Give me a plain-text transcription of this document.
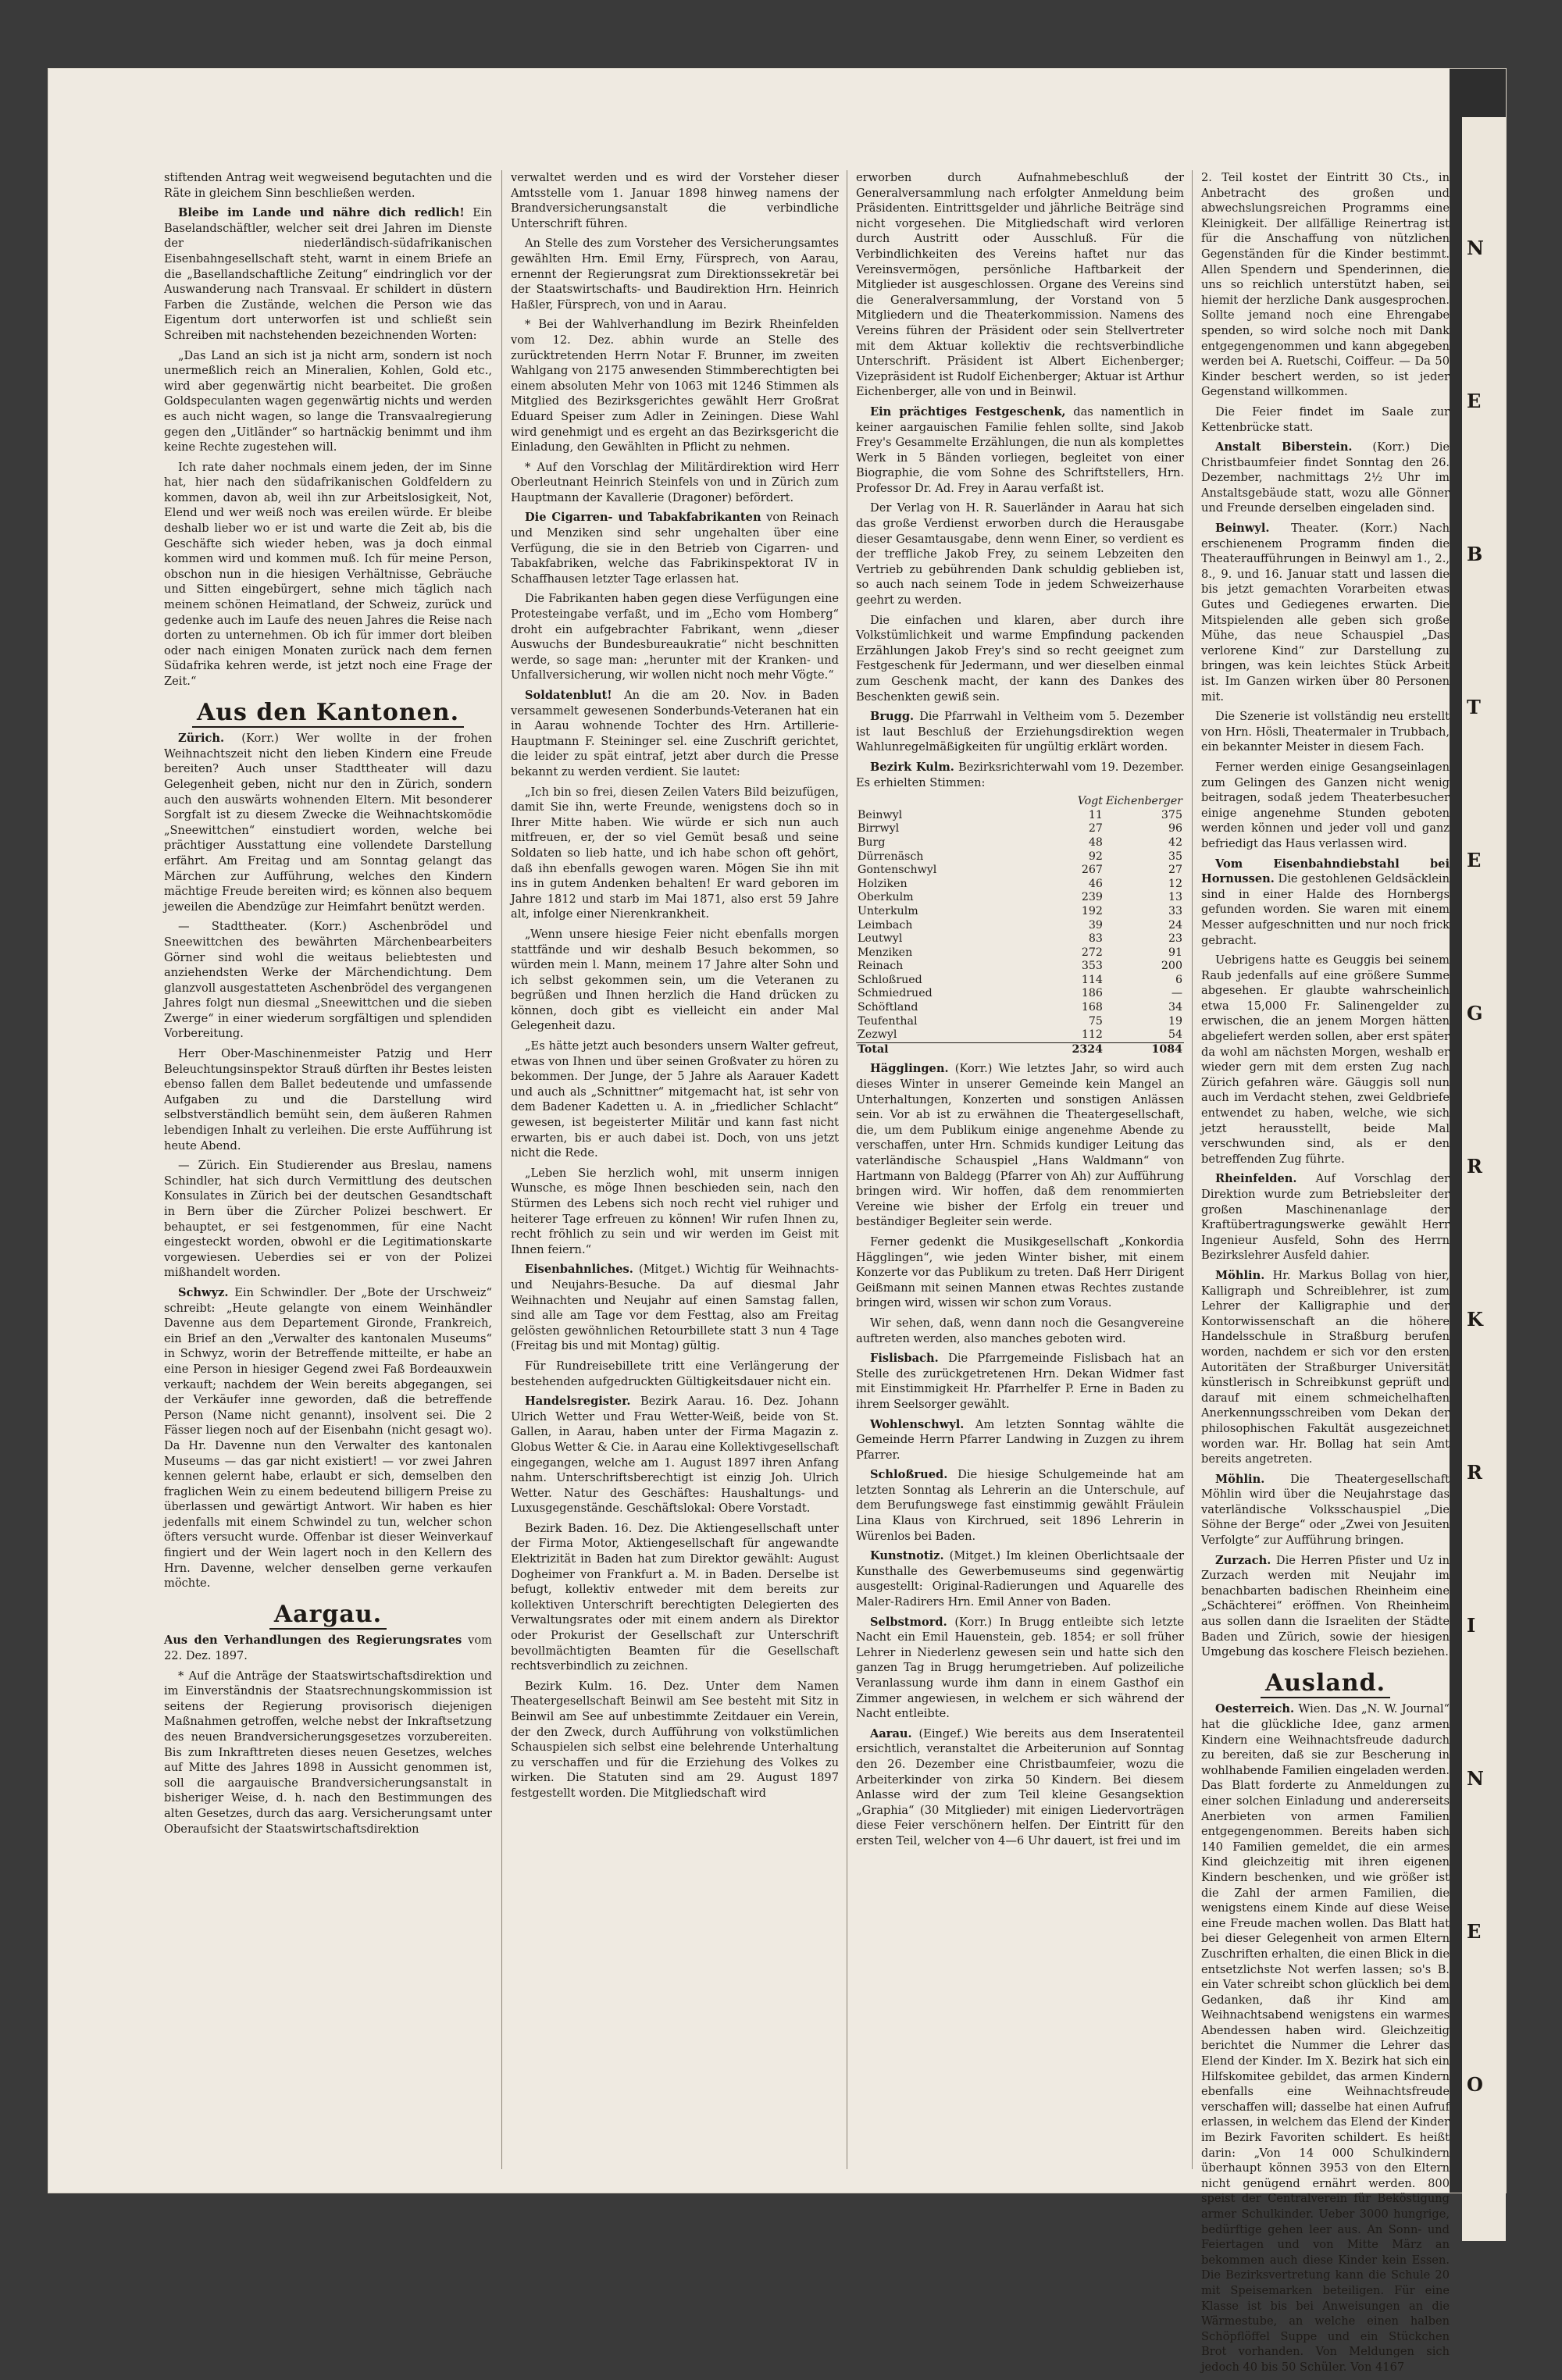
stiftenden Antrag weit wegweisend begutachten und die Räte in gleichem Sinn beschließen werden.

Bleibe im Lande und nähre dich redlich! Ein Baselandschäftler, welcher seit drei Jahren im Dienste der niederländisch-südafrikanischen Eisenbahngesellschaft steht, warnt in einem Briefe an die „Basellandschaftliche Zeitung“ eindringlich vor der Auswanderung nach Transvaal. Er schildert in düstern Farben die Zustände, welchen die Person wie das Eigentum dort unterworfen ist und schließt sein Schreiben mit nachstehenden bezeichnenden Worten:

„Das Land an sich ist ja nicht arm, sondern ist noch unermeßlich reich an Mineralien, Kohlen, Gold etc., wird aber gegenwärtig nicht bearbeitet. Die großen Goldspeculanten wagen gegenwärtig nichts und werden es auch nicht wagen, so lange die Transvaalregierung gegen den „Uitländer“ so hartnäckig benimmt und ihm keine Rechte zugestehen will.

Ich rate daher nochmals einem jeden, der im Sinne hat, hier nach den südafrikanischen Goldfeldern zu kommen, davon ab, weil ihn zur Arbeitslosigkeit, Not, Elend und wer weiß noch was ereilen würde. Er bleibe deshalb lieber wo er ist und warte die Zeit ab, bis die Geschäfte sich wieder heben, was ja doch einmal kommen wird und kommen muß. Ich für meine Person, obschon nun in die hiesigen Verhältnisse, Gebräuche und Sitten eingebürgert, sehne mich täglich nach meinem schönen Heimatland, der Schweiz, zurück und gedenke auch im Laufe des neuen Jahres die Reise nach dorten zu unternehmen. Ob ich für immer dort bleiben oder nach einigen Monaten zurück nach dem fernen Südafrika kehren werde, ist jetzt noch eine Frage der Zeit.“

Aus den Kantonen.

Zürich. (Korr.) Wer wollte in der frohen Weihnachtszeit nicht den lieben Kindern eine Freude bereiten? Auch unser Stadttheater will dazu Gelegenheit geben, nicht nur den in Zürich, sondern auch den auswärts wohnenden Eltern. Mit besonderer Sorgfalt ist zu diesem Zwecke die Weihnachtskomödie „Sneewittchen“ einstudiert worden, welche bei prächtiger Ausstattung eine vollendete Darstellung erfährt. Am Freitag und am Sonntag gelangt das Märchen zur Aufführung, welches den Kindern mächtige Freude bereiten wird; es können also bequem jeweilen die Abendzüge zur Heimfahrt benützt werden.

— Stadttheater. (Korr.) Aschenbrödel und Sneewittchen des bewährten Märchenbearbeiters Görner sind wohl die weitaus beliebtesten und anziehendsten Werke der Märchendichtung. Dem glanzvoll ausgestatteten Aschenbrödel des vergangenen Jahres folgt nun diesmal „Sneewittchen und die sieben Zwerge“ in einer wiederum sorgfältigen und splendiden Vorbereitung.

Herr Ober-Maschinenmeister Patzig und Herr Beleuchtungsinspektor Strauß dürften ihr Bestes leisten ebenso fallen dem Ballet bedeutende und umfassende Aufgaben zu und die Darstellung wird selbstverständlich bemüht sein, dem äußeren Rahmen lebendigen Inhalt zu verleihen. Die erste Aufführung ist heute Abend.

— Zürich. Ein Studierender aus Breslau, namens Schindler, hat sich durch Vermittlung des deutschen Konsulates in Zürich bei der deutschen Gesandtschaft in Bern über die Zürcher Polizei beschwert. Er behauptet, er sei festgenommen, für eine Nacht eingesteckt worden, obwohl er die Legitimationskarte vorgewiesen. Ueberdies sei er von der Polizei mißhandelt worden.

Schwyz. Ein Schwindler. Der „Bote der Urschweiz“ schreibt: „Heute gelangte von einem Weinhändler Davenne aus dem Departement Gironde, Frankreich, ein Brief an den „Verwalter des kantonalen Museums“ in Schwyz, worin der Betreffende mitteilte, er habe an eine Person in hiesiger Gegend zwei Faß Bordeauxwein verkauft; nachdem der Wein bereits abgegangen, sei der Verkäufer inne geworden, daß die betreffende Person (Name nicht genannt), insolvent sei. Die 2 Fässer liegen noch auf der Eisenbahn (nicht gesagt wo). Da Hr. Davenne nun den Verwalter des kantonalen Museums — das gar nicht existiert! — vor zwei Jahren kennen gelernt habe, erlaubt er sich, demselben den fraglichen Wein zu einem bedeutend billigern Preise zu überlassen und gewärtigt Antwort. Wir haben es hier jedenfalls mit einem Schwindel zu tun, welcher schon öfters versucht wurde. Offenbar ist dieser Weinverkauf fingiert und der Wein lagert noch in den Kellern des Hrn. Davenne, welcher denselben gerne verkaufen möchte.

Aargau.

Aus den Verhandlungen des Regierungsrates vom 22. Dez. 1897.

* Auf die Anträge der Staatswirtschaftsdirektion und im Einverständnis der Staatsrechnungskommission ist seitens der Regierung provisorisch diejenigen Maßnahmen getroffen, welche nebst der Inkraftsetzung des neuen Brandversicherungsgesetzes vorzubereiten. Bis zum Inkrafttreten dieses neuen Gesetzes, welches auf Mitte des Jahres 1898 in Aussicht genommen ist, soll die aargauische Brandversicherungsanstalt in bisheriger Weise, d. h. nach den Bestimmungen des alten Gesetzes, durch das aarg. Versicherungsamt unter Oberaufsicht der Staatswirtschaftsdirektion

verwaltet werden und es wird der Vorsteher dieser Amtsstelle vom 1. Januar 1898 hinweg namens der Brandversicherungsanstalt die verbindliche Unterschrift führen.

An Stelle des zum Vorsteher des Versicherungsamtes gewählten Hrn. Emil Erny, Fürsprech, von Aarau, ernennt der Regierungsrat zum Direktionssekretär bei der Staatswirtschafts- und Baudirektion Hrn. Heinrich Haßler, Fürsprech, von und in Aarau.

* Bei der Wahlverhandlung im Bezirk Rheinfelden vom 12. Dez. abhin wurde an Stelle des zurücktretenden Herrn Notar F. Brunner, im zweiten Wahlgang von 2175 anwesenden Stimmberechtigten bei einem absoluten Mehr von 1063 mit 1246 Stimmen als Mitglied des Bezirksgerichtes gewählt Herr Großrat Eduard Speiser zum Adler in Zeiningen. Diese Wahl wird genehmigt und es ergeht an das Bezirksgericht die Einladung, den Gewählten in Pflicht zu nehmen.

* Auf den Vorschlag der Militärdirektion wird Herr Oberleutnant Heinrich Steinfels von und in Zürich zum Hauptmann der Kavallerie (Dragoner) befördert.

Die Cigarren- und Tabakfabrikanten von Reinach und Menziken sind sehr ungehalten über eine Verfügung, die sie in den Betrieb von Cigarren- und Tabakfabriken, welche das Fabrikinspektorat IV in Schaffhausen letzter Tage erlassen hat.

Die Fabrikanten haben gegen diese Verfügungen eine Protesteingabe verfaßt, und im „Echo vom Homberg“ droht ein aufgebrachter Fabrikant, wenn „dieser Auswuchs der Bundesbureaukratie“ nicht beschnitten werde, so sage man: „herunter mit der Kranken- und Unfallversicherung, wir wollen nicht noch mehr Vögte.“

Soldatenblut! An die am 20. Nov. in Baden versammelt gewesenen Sonderbunds-Veteranen hat ein in Aarau wohnende Tochter des Hrn. Artillerie-Hauptmann F. Steininger sel. eine Zuschrift gerichtet, die leider zu spät eintraf, jetzt aber durch die Presse bekannt zu werden verdient. Sie lautet:

„Ich bin so frei, diesen Zeilen Vaters Bild beizufügen, damit Sie ihn, werte Freunde, wenigstens doch so in Ihrer Mitte haben. Wie würde er sich nun auch mitfreuen, er, der so viel Gemüt besaß und seine Soldaten so lieb hatte, und ich habe schon oft gehört, daß ihn ebenfalls gewogen waren. Mögen Sie ihn mit ins in gutem Andenken behalten! Er ward geboren im Jahre 1812 und starb im Mai 1871, also erst 59 Jahre alt, infolge einer Nierenkrankheit.

„Wenn unsere hiesige Feier nicht ebenfalls morgen stattfände und wir deshalb Besuch bekommen, so würden mein l. Mann, meinem 17 Jahre alter Sohn und ich selbst gekommen sein, um die Veteranen zu begrüßen und Ihnen herzlich die Hand drücken zu können, doch gibt es vielleicht ein ander Mal Gelegenheit dazu.

„Es hätte jetzt auch besonders unsern Walter gefreut, etwas von Ihnen und über seinen Großvater zu hören zu bekommen. Der Junge, der 5 Jahre als Aarauer Kadett und auch als „Schnittner“ mitgemacht hat, ist sehr von dem Badener Kadetten u. A. in „friedlicher Schlacht“ gewesen, ist begeisterter Militär und kann fast nicht erwarten, bis er auch dabei ist. Doch, von uns jetzt nicht die Rede.

„Leben Sie herzlich wohl, mit unserm innigen Wunsche, es möge Ihnen beschieden sein, nach den Stürmen des Lebens sich noch recht viel ruhiger und heiterer Tage erfreuen zu können! Wir rufen Ihnen zu, recht fröhlich zu sein und wir werden im Geist mit Ihnen feiern.“

Eisenbahnliches. (Mitget.) Wichtig für Weihnachts- und Neujahrs-Besuche. Da auf diesmal Jahr Weihnachten und Neujahr auf einen Samstag fallen, sind alle am Tage vor dem Festtag, also am Freitag gelösten gewöhnlichen Retourbillete statt 3 nun 4 Tage (Freitag bis und mit Montag) gültig.

Für Rundreisebillete tritt eine Verlängerung der bestehenden aufgedruckten Gültigkeitsdauer nicht ein.

Handelsregister. Bezirk Aarau. 16. Dez. Johann Ulrich Wetter und Frau Wetter-Weiß, beide von St. Gallen, in Aarau, haben unter der Firma Magazin z. Globus Wetter & Cie. in Aarau eine Kollektivgesellschaft eingegangen, welche am 1. August 1897 ihren Anfang nahm. Unterschriftsberechtigt ist einzig Joh. Ulrich Wetter. Natur des Geschäftes: Haushaltungs- und Luxusgegenstände. Geschäftslokal: Obere Vorstadt.

Bezirk Baden. 16. Dez. Die Aktiengesellschaft unter der Firma Motor, Aktiengesellschaft für angewandte Elektrizität in Baden hat zum Direktor gewählt: August Dogheimer von Frankfurt a. M. in Baden. Derselbe ist befugt, kollektiv entweder mit dem bereits zur kollektiven Unterschrift berechtigten Delegierten des Verwaltungsrates oder mit einem andern als Direktor oder Prokurist der Gesellschaft zur Unterschrift bevollmächtigten Beamten für die Gesellschaft rechtsverbindlich zu zeichnen.

Bezirk Kulm. 16. Dez. Unter dem Namen Theatergesellschaft Beinwil am See besteht mit Sitz in Beinwil am See auf unbestimmte Zeitdauer ein Verein, der den Zweck, durch Aufführung von volkstümlichen Schauspielen sich selbst eine belehrende Unterhaltung zu verschaffen und für die Erziehung des Volkes zu wirken. Die Statuten sind am 29. August 1897 festgestellt worden. Die Mitgliedschaft wird

erworben durch Aufnahmebeschluß der Generalversammlung nach erfolgter Anmeldung beim Präsidenten. Eintrittsgelder und jährliche Beiträge sind nicht vorgesehen. Die Mitgliedschaft wird verloren durch Austritt oder Ausschluß. Für die Verbindlichkeiten des Vereins haftet nur das Vereinsvermögen, persönliche Haftbarkeit der Mitglieder ist ausgeschlossen. Organe des Vereins sind die Generalversammlung, der Vorstand von 5 Mitgliedern und die Theaterkommission. Namens des Vereins führen der Präsident oder sein Stellvertreter mit dem Aktuar kollektiv die rechtsverbindliche Unterschrift. Präsident ist Albert Eichenberger; Vizepräsident ist Rudolf Eichenberger; Aktuar ist Arthur Eichenberger, alle von und in Beinwil.

Ein prächtiges Festgeschenk, das namentlich in keiner aargauischen Familie fehlen sollte, sind Jakob Frey's Gesammelte Erzählungen, die nun als komplettes Werk in 5 Bänden vorliegen, begleitet von einer Biographie, die vom Sohne des Schriftstellers, Hrn. Professor Dr. Ad. Frey in Aarau verfaßt ist.

Der Verlag von H. R. Sauerländer in Aarau hat sich das große Verdienst erworben durch die Herausgabe dieser Gesamtausgabe, denn wenn Einer, so verdient es der treffliche Jakob Frey, zu seinem Lebzeiten den Vertrieb zu gebührenden Dank schuldig geblieben ist, so auch nach seinem Tode in jedem Schweizerhause geehrt zu werden.

Die einfachen und klaren, aber durch ihre Volkstümlichkeit und warme Empfindung packenden Erzählungen Jakob Frey's sind so recht geeignet zum Festgeschenk für Jedermann, und wer dieselben einmal zum Geschenk macht, der kann des Dankes des Beschenkten gewiß sein.

Brugg. Die Pfarrwahl in Veltheim vom 5. Dezember ist laut Beschluß der Erziehungsdirektion wegen Wahlunregelmäßigkeiten für ungültig erklärt worden.

Bezirk Kulm. Bezirksrichterwahl vom 19. Dezember. Es erhielten Stimmen:

	Vogt	Eichenberger
Beinwyl	11	375
Birrwyl	27	96
Burg	48	42
Dürrenäsch	92	35
Gontenschwyl	267	27
Holziken	46	12
Oberkulm	239	13
Unterkulm	192	33
Leimbach	39	24
Leutwyl	83	23
Menziken	272	91
Reinach	353	200
Schloßrued	114	6
Schmiedrued	186	—
Schöftland	168	34
Teufenthal	75	19
Zezwyl	112	54
Total	2324	1084

Hägglingen. (Korr.) Wie letztes Jahr, so wird auch dieses Winter in unserer Gemeinde kein Mangel an Unterhaltungen, Konzerten und sonstigen Anlässen sein. Vor ab ist zu erwähnen die Theatergesellschaft, die, um dem Publikum einige angenehme Abende zu verschaffen, unter Hrn. Schmids kundiger Leitung das vaterländische Schauspiel „Hans Waldmann“ von Hartmann von Baldegg (Pfarrer von Ah) zur Aufführung bringen wird. Wir hoffen, daß dem renommierten Vereine wie bisher der Erfolg ein treuer und beständiger Begleiter sein werde.

Ferner gedenkt die Musikgesellschaft „Konkordia Hägglingen“, wie jeden Winter bisher, mit einem Konzerte vor das Publikum zu treten. Daß Herr Dirigent Geißmann mit seinen Mannen etwas Rechtes zustande bringen wird, wissen wir schon zum Voraus.

Wir sehen, daß, wenn dann noch die Gesangvereine auftreten werden, also manches geboten wird.

Fislisbach. Die Pfarrgemeinde Fislisbach hat an Stelle des zurückgetretenen Hrn. Dekan Widmer fast mit Einstimmigkeit Hr. Pfarrhelfer P. Erne in Baden zu ihrem Seelsorger gewählt.

Wohlenschwyl. Am letzten Sonntag wählte die Gemeinde Herrn Pfarrer Landwing in Zuzgen zu ihrem Pfarrer.

Schloßrued. Die hiesige Schulgemeinde hat am letzten Sonntag als Lehrerin an die Unterschule, auf dem Berufungswege fast einstimmig gewählt Fräulein Lina Klaus von Kirchrued, seit 1896 Lehrerin in Würenlos bei Baden.

Kunstnotiz. (Mitget.) Im kleinen Oberlichtsaale der Kunsthalle des Gewerbemuseums sind gegenwärtig ausgestellt: Original-Radierungen und Aquarelle des Maler-Radirers Hrn. Emil Anner von Baden.

Selbstmord. (Korr.) In Brugg entleibte sich letzte Nacht ein Emil Hauenstein, geb. 1854; er soll früher Lehrer in Niederlenz gewesen sein und hatte sich den ganzen Tag in Brugg herumgetrieben. Auf polizeiliche Veranlassung wurde ihm dann in einem Gasthof ein Zimmer angewiesen, in welchem er sich während der Nacht entleibte.

Aarau. (Eingef.) Wie bereits aus dem Inseratenteil ersichtlich, veranstaltet die Arbeiterunion auf Sonntag den 26. Dezember eine Christbaumfeier, wozu die Arbeiterkinder von zirka 50 Kindern. Bei diesem Anlasse wird der zum Teil kleine Gesangsektion „Graphia“ (30 Mitglieder) mit einigen Liedervorträgen diese Feier verschönern helfen. Der Eintritt für den ersten Teil, welcher von 4—6 Uhr dauert, ist frei und im

2. Teil kostet der Eintritt 30 Cts., in Anbetracht des großen und abwechslungsreichen Programms eine Kleinigkeit. Der allfällige Reinertrag ist für die Anschaffung von nützlichen Gegenständen für die Kinder bestimmt. Allen Spendern und Spenderinnen, die uns so reichlich unterstützt haben, sei hiemit der herzliche Dank ausgesprochen. Sollte jemand noch eine Ehrengabe spenden, so wird solche noch mit Dank entgegengenommen und kann abgegeben werden bei A. Ruetschi, Coiffeur. — Da 50 Kinder beschert werden, so ist jeder Gegenstand willkommen.

Die Feier findet im Saale zur Kettenbrücke statt.

Anstalt Biberstein. (Korr.) Die Christbaumfeier findet Sonntag den 26. Dezember, nachmittags 2½ Uhr im Anstaltsgebäude statt, wozu alle Gönner und Freunde derselben eingeladen sind.

Beinwyl. Theater. (Korr.) Nach erschienenem Programm finden die Theateraufführungen in Beinwyl am 1., 2., 8., 9. und 16. Januar statt und lassen die bis jetzt gemachten Vorarbeiten etwas Gutes und Gediegenes erwarten. Die Mitspielenden alle geben sich große Mühe, das neue Schauspiel „Das verlorene Kind“ zur Darstellung zu bringen, was kein leichtes Stück Arbeit ist. Im Ganzen wirken über 80 Personen mit.

Die Szenerie ist vollständig neu erstellt von Hrn. Hösli, Theatermaler in Trubbach, ein bekannter Meister in diesem Fach.

Ferner werden einige Gesangseinlagen zum Gelingen des Ganzen nicht wenig beitragen, sodaß jedem Theaterbesucher einige angenehme Stunden geboten werden können und jeder voll und ganz befriedigt das Haus verlassen wird.

Vom Eisenbahndiebstahl bei Hornussen. Die gestohlenen Geldsäcklein sind in einer Halde des Hornbergs gefunden worden. Sie waren mit einem Messer aufgeschnitten und nur noch frick gebracht.

Uebrigens hatte es Geuggis bei seinem Raub jedenfalls auf eine größere Summe abgesehen. Er glaubte wahrscheinlich etwa 15,000 Fr. Salinengelder zu erwischen, die an jenem Morgen hätten abgeliefert werden sollen, aber erst später da wohl am nächsten Morgen, weshalb er wieder gern mit dem ersten Zug nach Zürich gefahren wäre. Gäuggis soll nun auch im Verdacht stehen, zwei Geldbriefe entwendet zu haben, welche, wie sich jetzt herausstellt, beide Mal verschwunden sind, als er den betreffenden Zug führte.

Rheinfelden. Auf Vorschlag der Direktion wurde zum Betriebsleiter der großen Maschinenanlage der Kraftübertragungswerke gewählt Herr Ingenieur Ausfeld, Sohn des Herrn Bezirkslehrer Ausfeld dahier.

Möhlin. Hr. Markus Bollag von hier, Kalligraph und Schreiblehrer, ist zum Lehrer der Kalligraphie und der Kontorwissenschaft an die höhere Handelsschule in Straßburg berufen worden, nachdem er sich vor den ersten Autoritäten der Straßburger Universität künstlerisch in Schreibkunst geprüft und darauf mit einem schmeichelhaften Anerkennungsschreiben vom Dekan der philosophischen Fakultät ausgezeichnet worden war. Hr. Bollag hat sein Amt bereits angetreten.

Möhlin. Die Theatergesellschaft Möhlin wird über die Neujahrstage das vaterländische Volksschauspiel „Die Söhne der Berge“ oder „Zwei von Jesuiten Verfolgte“ zur Aufführung bringen.

Zurzach. Die Herren Pfister und Uz in Zurzach werden mit Neujahr im benachbarten badischen Rheinheim eine „Schächterei“ eröffnen. Von Rheinheim aus sollen dann die Israeliten der Städte Baden und Zürich, sowie der hiesigen Umgebung das koschere Fleisch beziehen.

Ausland.

Oesterreich. Wien. Das „N. W. Journal“ hat die glückliche Idee, ganz armen Kindern eine Weihnachtsfreude dadurch zu bereiten, daß sie zur Bescherung in wohlhabende Familien eingeladen werden. Das Blatt forderte zu Anmeldungen zu einer solchen Einladung und andererseits Anerbieten von armen Familien entgegengenommen. Bereits haben sich 140 Familien gemeldet, die ein armes Kind gleichzeitig mit ihren eigenen Kindern beschenken, und wie größer ist die Zahl der armen Familien, die wenigstens einem Kinde auf diese Weise eine Freude machen wollen. Das Blatt hat bei dieser Gelegenheit von armen Eltern Zuschriften erhalten, die einen Blick in die entsetzlichste Not werfen lassen; so's B. ein Vater schreibt schon glücklich bei dem Gedanken, daß ihr Kind am Weihnachtsabend wenigstens ein warmes Abendessen haben wird. Gleichzeitig berichtet die Nummer die Lehrer das Elend der Kinder. Im X. Bezirk hat sich ein Hilfskomitee gebildet, das armen Kindern ebenfalls eine Weihnachtsfreude verschaffen will; dasselbe hat einen Aufruf erlassen, in welchem das Elend der Kinder im Bezirk Favoriten schildert. Es heißt darin: „Von 14 000 Schulkindern überhaupt können 3953 von den Eltern nicht genügend ernährt werden. 800 speist der Centralverein für Beköstigung armer Schulkinder. Ueber 3000 hungrige, bedürftige gehen leer aus. An Sonn- und Feiertagen und von Mitte März an bekommen auch diese Kinder kein Essen. Die Bezirksvertretung kann die Schule 20 mit Speisemarken beteiligen. Für eine Klasse ist bis bei Anweisungen an die Wärmestube, an welche einen halben Schöpflöffel Suppe und ein Stückchen Brot vorhanden. Von Meldungen sich jedoch 40 bis 50 Schüler. Von 4167

N
E
B
T
E
G
R
K
R
I
N
E
O
